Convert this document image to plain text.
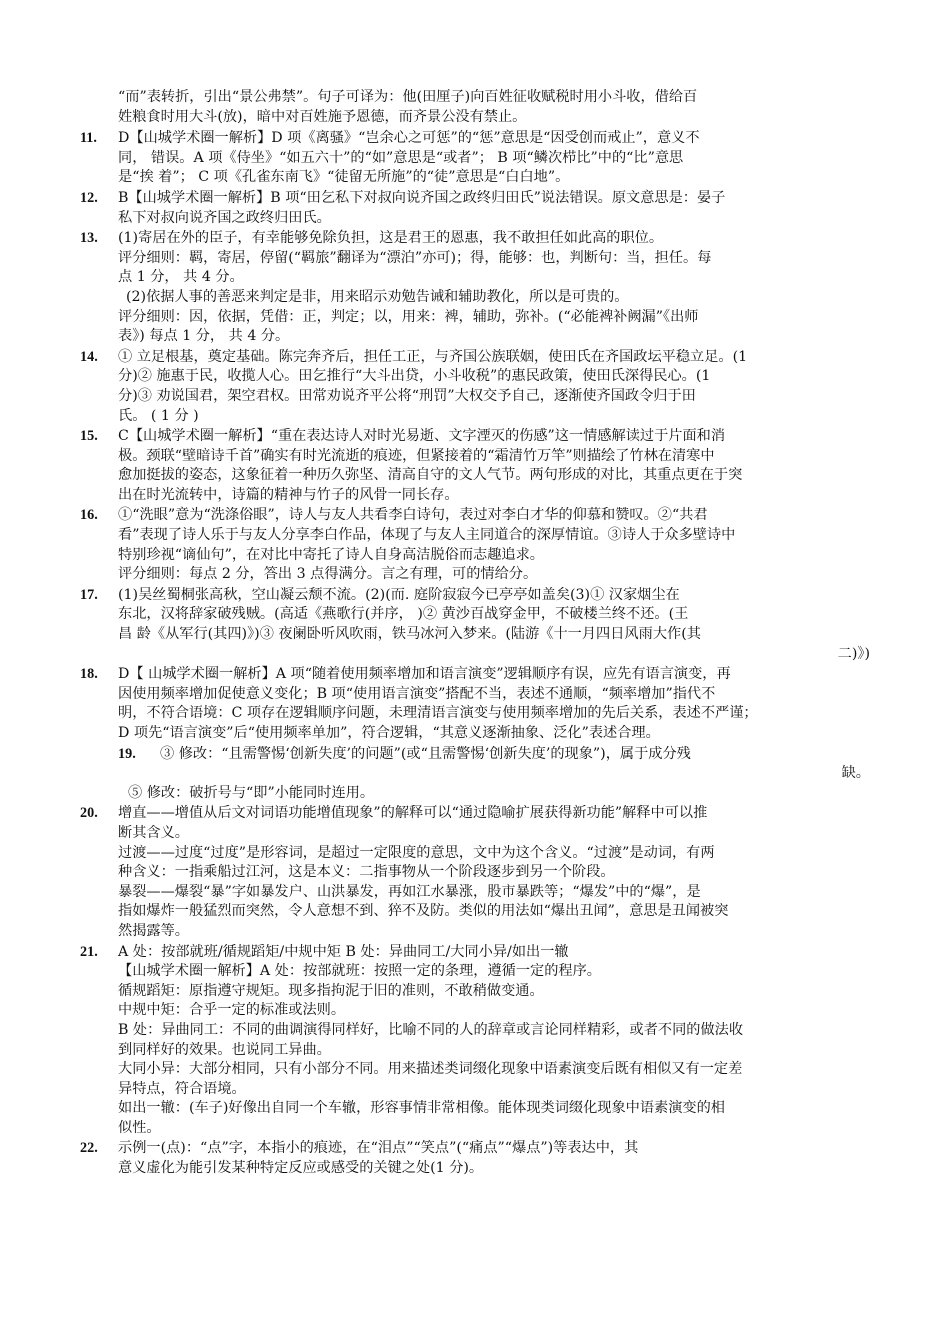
“而”表转折，引出“景公弗禁”。句子可译为：他(田厘子)向百姓征收赋税时用小斗收，借给百

姓粮食时用大斗(放)，暗中对百姓施予恩德，而齐景公没有禁止。

11.	D【山城学术圈一解析】D 项《离骚》“岂余心之可惩”的“惩”意思是“因受创而戒止”，意义不

同， 错误。A 项《侍坐》“如五六十”的“如”意思是“或者”； B 项“鳞次栉比”中的“比”意思

是“挨 着”； C 项《孔雀东南飞》“徒留无所施”的“徒”意思是“白白地”。

12.	B【山城学术圈一解析】B 项“田乞私下对叔向说齐国之政终归田氏”说法错误。原文意思是：晏子

私下对叔向说齐国之政终归田氏。

13.	(1)寄居在外的臣子，有幸能够免除负担，这是君王的恩惠，我不敢担任如此高的职位。

评分细则：羁，寄居，停留(“羁旅”翻译为“漂泊”亦可)；得，能够：也，判断句：当，担任。每

点 1 分， 共 4 分。

(2)依据人事的善恶来判定是非，用来昭示劝勉告诫和辅助教化，所以是可贵的。

评分细则：因，依据，凭借：正，判定；以，用来：裨，辅助，弥补。(“必能裨补阙漏”《出师

表》) 每点 1 分， 共 4 分。

14.	① 立足根基，奠定基础。陈完奔齐后，担任工正，与齐国公族联姻，使田氏在齐国政坛平稳立足。(1

分)② 施惠于民，收揽人心。田乞推行“大斗出贷，小斗收税”的惠民政策，使田氏深得民心。(1

分)③ 劝说国君，架空君权。田常劝说齐平公将“刑罚”大权交予自己，逐渐使齐国政令归于田

氏。 ( 1 分 )

15.	C【山城学术圈一解析】“重在表达诗人对时光易逝、文字湮灭的伤感”这一情感解读过于片面和消

极。颈联“壁暗诗千首”确实有时光流逝的痕迹，但紧接着的“霜清竹万竿”则描绘了竹林在清寒中

愈加挺拔的姿态，这象征着一种历久弥坚、清高自守的文人气节。两句形成的对比，其重点更在于突

出在时光流转中，诗篇的精神与竹子的风骨一同长存。

16.	①“洗眼”意为“洗涤俗眼”，诗人与友人共看李白诗句，表过对李白才华的仰慕和赞叹。②“共君

看”表现了诗人乐于与友人分享李白作品，体现了与友人主同道合的深厚情谊。③诗人于众多壁诗中

特别珍视“谪仙句”，在对比中寄托了诗人自身高洁脱俗而志趣追求。

评分细则：每点 2 分，答出 3 点得满分。言之有理，可的情给分。

17.	(1)吴丝蜀桐张高秋，空山凝云颓不流。(2)(而. 庭阶寂寂今已亭亭如盖矣(3)① 汉家烟尘在

东北，汉将辞家破残贼。(高适《燕歌行(并序， )② 黄沙百战穿金甲，不破楼兰终不还。(王

昌 龄《从军行(其四)》)③ 夜阑卧听风吹雨，铁马冰河入梦来。(陆游《十一月四日风雨大作(其

二)》)

18.	D【 山城学术圈一解析】A 项“随着使用频率增加和语言演变”逻辑顺序有误，应先有语言演变，再

因使用频率增加促使意义变化；B 项“使用语言演变”搭配不当，表述不通顺，“频率增加”指代不

明，不符合语境：C 项存在逻辑顺序问题，未理清语言演变与使用频率增加的先后关系，表述不严谨；

D 项先“语言演变”后“使用频率单加”，符合逻辑，“其意义逐渐抽象、泛化”表述合理。

19.	③ 修改：“且需警惕‘创新失度’的问题”(或“且需警惕‘创新失度’的现象”)，属于成分残

缺。

⑤ 修改：破折号与“即”小能同时连用。

20.	增直——增值从后文对词语功能增值现象”的解释可以“通过隐喻扩展获得新功能”解释中可以推

断其含义。

过渡——过度“过度”是形容词，是超过一定限度的意思，文中为这个含义。“过渡”是动词，有两

种含义：一指乘船过江河，这是本义：二指事物从一个阶段逐步到另一个阶段。

暴裂——爆裂“暴”字如暴发户、山洪暴发，再如江水暴涨，股市暴跌等；“爆发”中的“爆”，是

指如爆炸一般猛烈而突然，令人意想不到、猝不及防。类似的用法如“爆出丑闻”，意思是丑闻被突

然揭露等。

21.	A 处：按部就班/循规蹈矩/中规中矩 B 处：异曲同工/大同小异/如出一辙

【山城学术圈一解析】A 处：按部就班：按照一定的条理，遵循一定的程序。

循规蹈矩：原指遵守规矩。现多指拘泥于旧的准则，不敢稍做变通。

中规中矩：合乎一定的标准或法则。

B 处：异曲同工：不同的曲调演得同样好，比喻不同的人的辞章或言论同样精彩，或者不同的做法收

到同样好的效果。也说同工异曲。

大同小异：大部分相同，只有小部分不同。用来描述类词缀化现象中语素演变后既有相似又有一定差

异特点，符合语境。

如出一辙：(车子)好像出自同一个车辙，形容事情非常相像。能体现类词缀化现象中语素演变的相

似性。

22.	示例一(点)：“点”字，本指小的痕迹，在“泪点”“笑点”(“痛点”“爆点”)等表达中，其

意义虚化为能引发某种特定反应或感受的关键之处(1 分)。
